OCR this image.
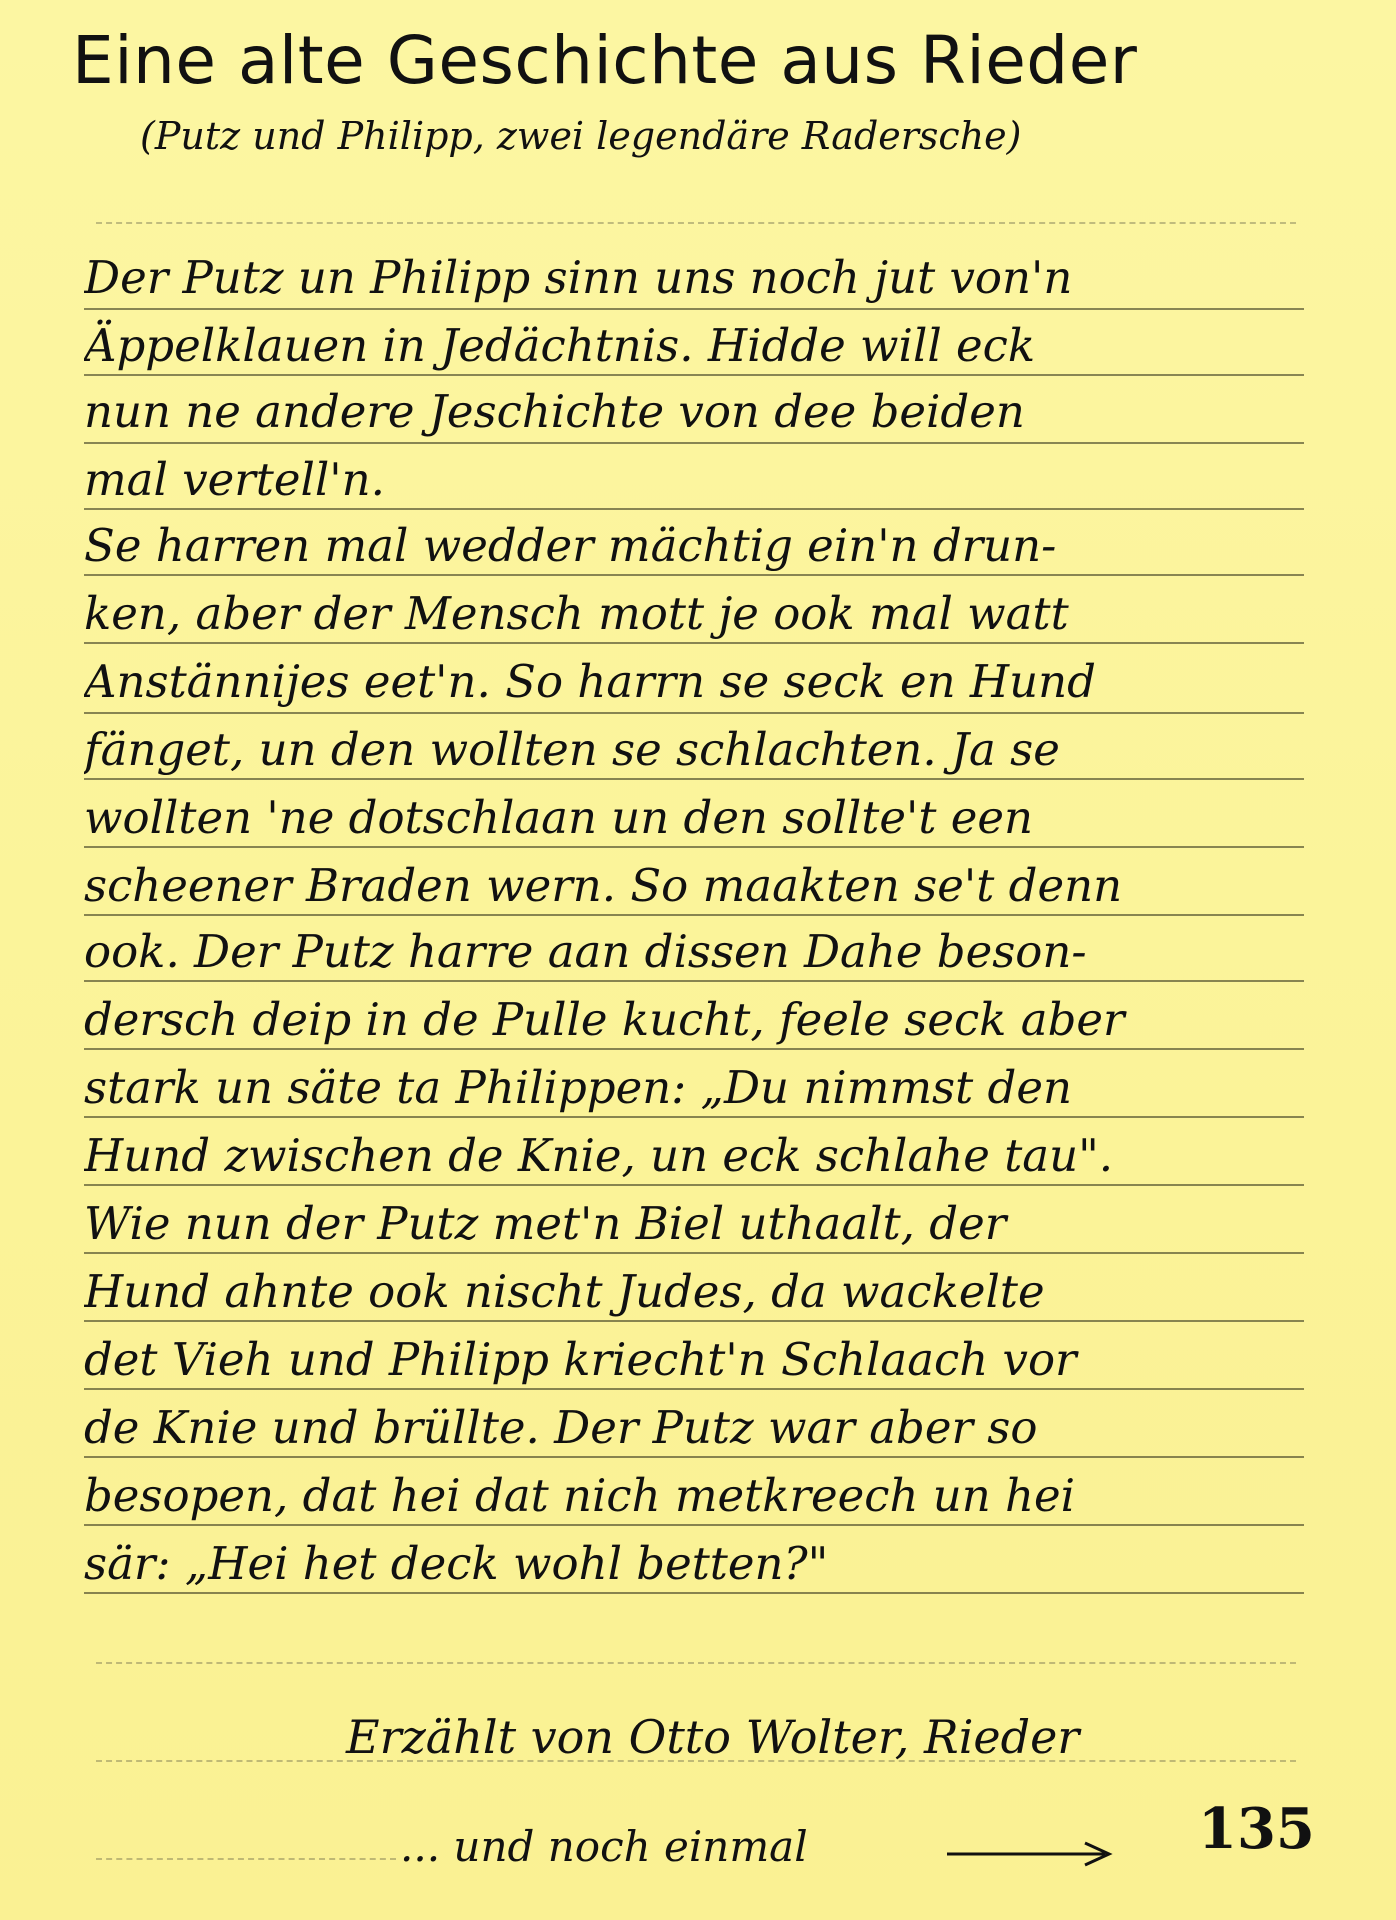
Eine alte Geschichte aus Rieder
(Putz und Philipp, zwei legendäre Radersche)
Der Putz un Philipp sinn uns noch jut von'n
Äppelklauen in Jedächtnis. Hidde will eck
nun ne andere Jeschichte von dee beiden
mal vertell'n.
Se harren mal wedder mächtig ein'n drun-
ken, aber der Mensch mott je ook mal watt
Anstännijes eet'n. So harrn se seck en Hund
fänget, un den wollten se schlachten. Ja se
wollten 'ne dotschlaan un den sollte't een
scheener Braden wern. So maakten se't denn
ook. Der Putz harre aan dissen Dahe beson-
dersch deip in de Pulle kucht, feele seck aber
stark un säte ta Philippen: „Du nimmst den
Hund zwischen de Knie, un eck schlahe tau".
Wie nun der Putz met'n Biel uthaalt, der
Hund ahnte ook nischt Judes, da wackelte
det Vieh und Philipp kriecht'n Schlaach vor
de Knie und brüllte. Der Putz war aber so
besopen, dat hei dat nich metkreech un hei
sär: „Hei het deck wohl betten?"
Erzählt von Otto Wolter, Rieder
135
... und noch einmal
